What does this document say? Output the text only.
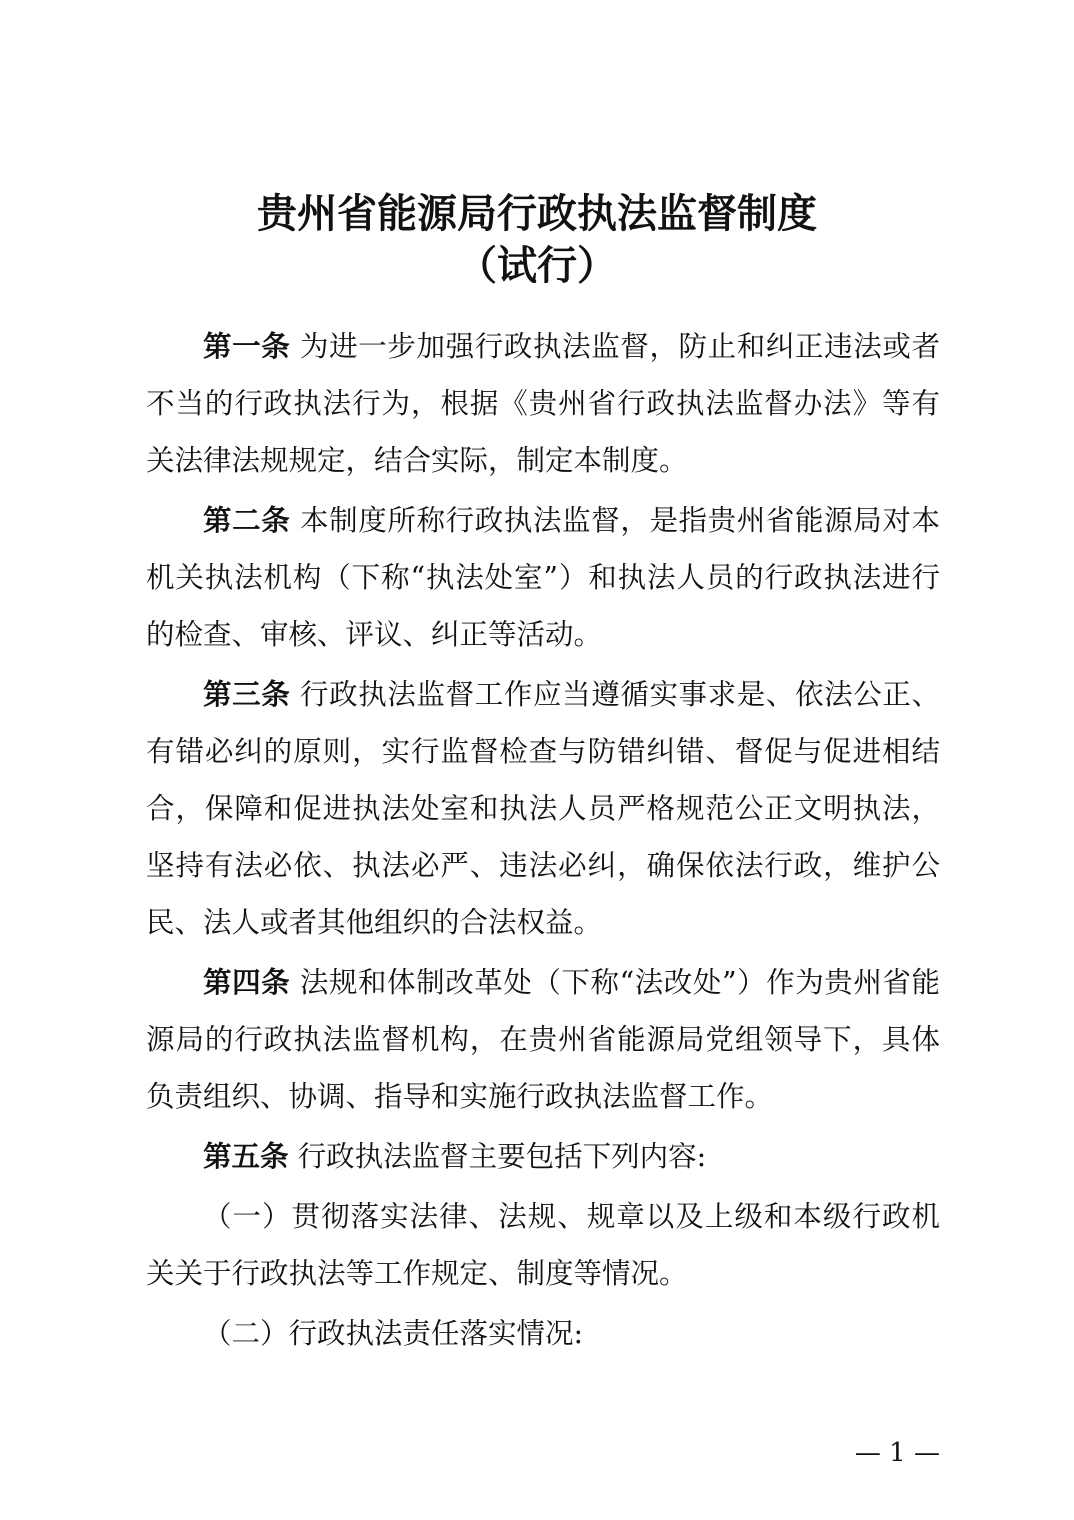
贵州省能源局行政执法监督制度
（试行）

第一条 为进一步加强行政执法监督，防止和纠正违法或者不当的行政执法行为，根据《贵州省行政执法监督办法》等有关法律法规规定，结合实际，制定本制度。

第二条 本制度所称行政执法监督，是指贵州省能源局对本机关执法机构（下称“执法处室”）和执法人员的行政执法进行的检查、审核、评议、纠正等活动。

第三条 行政执法监督工作应当遵循实事求是、依法公正、有错必纠的原则，实行监督检查与防错纠错、督促与促进相结合，保障和促进执法处室和执法人员严格规范公正文明执法，坚持有法必依、执法必严、违法必纠，确保依法行政，维护公民、法人或者其他组织的合法权益。

第四条 法规和体制改革处（下称“法改处”）作为贵州省能源局的行政执法监督机构，在贵州省能源局党组领导下，具体负责组织、协调、指导和实施行政执法监督工作。

第五条 行政执法监督主要包括下列内容:

（一）贯彻落实法律、法规、规章以及上级和本级行政机关关于行政执法等工作规定、制度等情况。

（二）行政执法责任落实情况:

— 1 —
